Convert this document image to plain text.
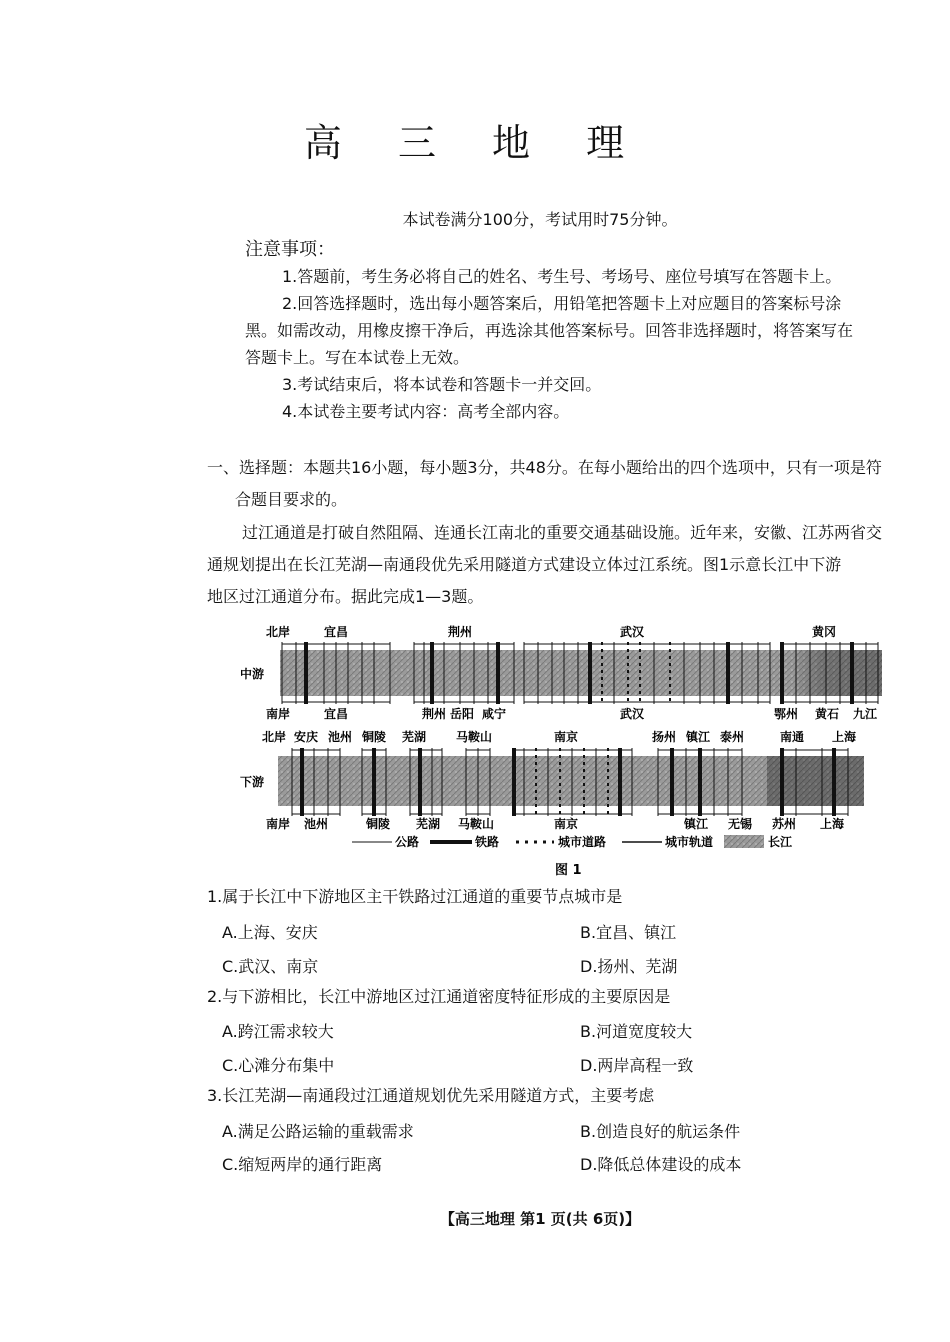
高 三 地 理
本试卷满分100分，考试用时75分钟。
注意事项：
1.答题前，考生务必将自己的姓名、考生号、考场号、座位号填写在答题卡上。
2.回答选择题时，选出每小题答案后，用铅笔把答题卡上对应题目的答案标号涂
黑。如需改动，用橡皮擦干净后，再选涂其他答案标号。回答非选择题时，将答案写在
答题卡上。写在本试卷上无效。
3.考试结束后，将本试卷和答题卡一并交回。
4.本试卷主要考试内容：高考全部内容。
一、选择题：本题共16小题，每小题3分，共48分。在每小题给出的四个选项中，只有一项是符
合题目要求的。
过江通道是打破自然阻隔、连通长江南北的重要交通基础设施。近年来，安徽、江苏两省交
通规划提出在长江芜湖—南通段优先采用隧道方式建设立体过江系统。图1示意长江中下游
地区过江通道分布。据此完成1—3题。
北岸	宜昌	荆州	武汉	黄冈
中游
南岸	宜昌	荆州 岳阳 咸宁	武汉	鄂州 黄石 九江
北岸 安庆 池州 铜陵 芜湖 马鞍山	南京	扬州 镇江 泰州	南通 上海
下游
南岸 池州	铜陵 芜湖 马鞍山	南京	镇江 无锡 苏州 上海
公路	铁路	城市道路	城市轨道	长江
图 1
1.属于长江中下游地区主干铁路过江通道的重要节点城市是
A.上海、安庆	B.宜昌、镇江
C.武汉、南京	D.扬州、芜湖
2.与下游相比，长江中游地区过江通道密度特征形成的主要原因是
A.跨江需求较大	B.河道宽度较大
C.心滩分布集中	D.两岸高程一致
3.长江芜湖—南通段过江通道规划优先采用隧道方式，主要考虑
A.满足公路运输的重载需求	B.创造良好的航运条件
C.缩短两岸的通行距离	D.降低总体建设的成本
【高三地理 第1 页(共 6页)】
